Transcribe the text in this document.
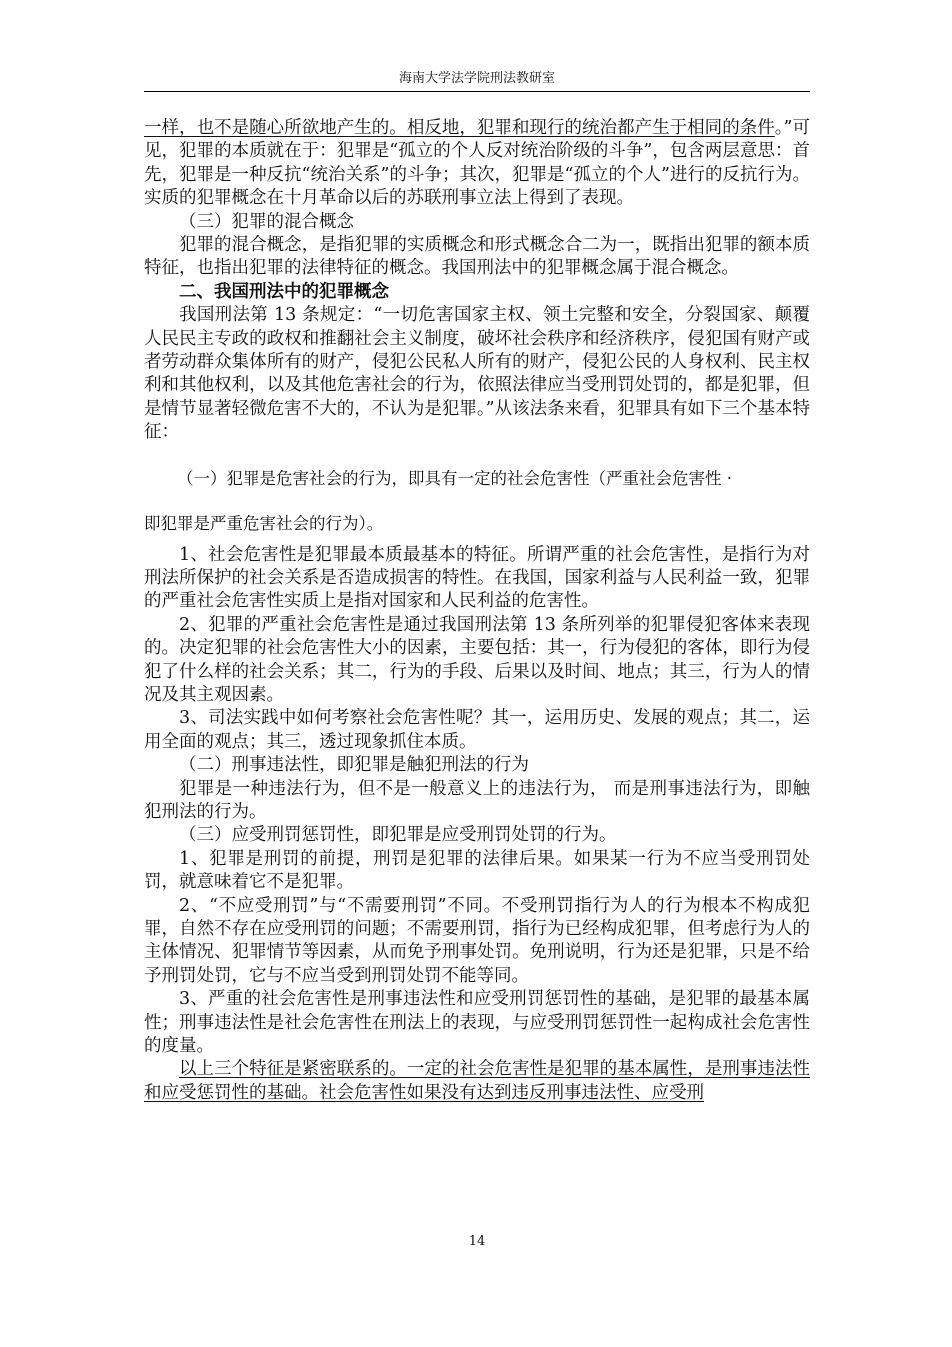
海南大学法学院刑法教研室

一样，也不是随心所欲地产生的。相反地，犯罪和现行的统治都产生于相同的条件。”可见，犯罪的本质就在于：犯罪是“孤立的个人反对统治阶级的斗争”，包含两层意思：首先，犯罪是一种反抗“统治关系”的斗争；其次，犯罪是“孤立的个人”进行的反抗行为。实质的犯罪概念在十月革命以后的苏联刑事立法上得到了表现。

（三）犯罪的混合概念

犯罪的混合概念，是指犯罪的实质概念和形式概念合二为一，既指出犯罪的额本质特征，也指出犯罪的法律特征的概念。我国刑法中的犯罪概念属于混合概念。

二、我国刑法中的犯罪概念

我国刑法第 13 条规定：“一切危害国家主权、领土完整和安全，分裂国家、颠覆人民民主专政的政权和推翻社会主义制度，破坏社会秩序和经济秩序，侵犯国有财产或者劳动群众集体所有的财产，侵犯公民私人所有的财产，侵犯公民的人身权利、民主权利和其他权利，以及其他危害社会的行为，依照法律应当受刑罚处罚的，都是犯罪，但是情节显著轻微危害不大的，不认为是犯罪。”从该法条来看，犯罪具有如下三个基本特征：

（一）犯罪是危害社会的行为，即具有一定的社会危害性（严重社会危害性 ·

即犯罪是严重危害社会的行为）。

1、社会危害性是犯罪最本质最基本的特征。所谓严重的社会危害性，是指行为对刑法所保护的社会关系是否造成损害的特性。在我国，国家利益与人民利益一致，犯罪的严重社会危害性实质上是指对国家和人民利益的危害性。

2、犯罪的严重社会危害性是通过我国刑法第 13 条所列举的犯罪侵犯客体来表现的。决定犯罪的社会危害性大小的因素，主要包括：其一，行为侵犯的客体，即行为侵犯了什么样的社会关系；其二，行为的手段、后果以及时间、地点；其三，行为人的情况及其主观因素。

3、司法实践中如何考察社会危害性呢？其一，运用历史、发展的观点；其二，运用全面的观点；其三，透过现象抓住本质。

（二）刑事违法性，即犯罪是触犯刑法的行为

犯罪是一种违法行为，但不是一般意义上的违法行为， 而是刑事违法行为，即触犯刑法的行为。

（三）应受刑罚惩罚性，即犯罪是应受刑罚处罚的行为。

1、犯罪是刑罚的前提，刑罚是犯罪的法律后果。如果某一行为不应当受刑罚处罚，就意味着它不是犯罪。

2、“不应受刑罚”与“不需要刑罚”不同。不受刑罚指行为人的行为根本不构成犯罪，自然不存在应受刑罚的问题；不需要刑罚，指行为已经构成犯罪，但考虑行为人的主体情况、犯罪情节等因素，从而免予刑事处罚。免刑说明，行为还是犯罪，只是不给予刑罚处罚，它与不应当受到刑罚处罚不能等同。

3、严重的社会危害性是刑事违法性和应受刑罚惩罚性的基础，是犯罪的最基本属性；刑事违法性是社会危害性在刑法上的表现，与应受刑罚惩罚性一起构成社会危害性的度量。

以上三个特征是紧密联系的。一定的社会危害性是犯罪的基本属性，是刑事违法性和应受惩罚性的基础。社会危害性如果没有达到违反刑事违法性、应受刑

14
